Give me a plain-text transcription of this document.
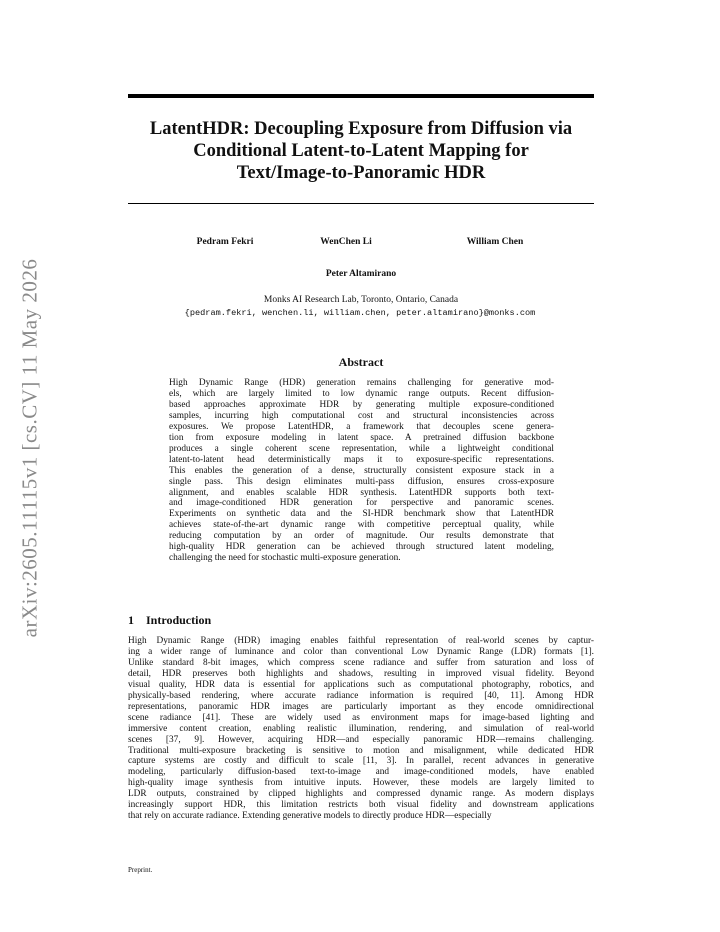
arXiv:2605.11115v1 [cs.CV] 11 May 2026
LatentHDR: Decoupling Exposure from Diffusion via
Conditional Latent-to-Latent Mapping for
Text/Image-to-Panoramic HDR
Pedram Fekri	WenChen Li	William Chen
Peter Altamirano
Monks AI Research Lab, Toronto, Ontario, Canada
{pedram.fekri, wenchen.li, william.chen, peter.altamirano}@monks.com
Abstract
High Dynamic Range (HDR) generation remains challenging for generative mod-
els, which are largely limited to low dynamic range outputs. Recent diffusion-
based approaches approximate HDR by generating multiple exposure-conditioned
samples, incurring high computational cost and structural inconsistencies across
exposures. We propose LatentHDR, a framework that decouples scene genera-
tion from exposure modeling in latent space. A pretrained diffusion backbone
produces a single coherent scene representation, while a lightweight conditional
latent-to-latent head deterministically maps it to exposure-specific representations.
This enables the generation of a dense, structurally consistent exposure stack in a
single pass. This design eliminates multi-pass diffusion, ensures cross-exposure
alignment, and enables scalable HDR synthesis. LatentHDR supports both text-
and image-conditioned HDR generation for perspective and panoramic scenes.
Experiments on synthetic data and the SI-HDR benchmark show that LatentHDR
achieves state-of-the-art dynamic range with competitive perceptual quality, while
reducing computation by an order of magnitude. Our results demonstrate that
high-quality HDR generation can be achieved through structured latent modeling,
challenging the need for stochastic multi-exposure generation.
1 Introduction
High Dynamic Range (HDR) imaging enables faithful representation of real-world scenes by captur-
ing a wider range of luminance and color than conventional Low Dynamic Range (LDR) formats [1].
Unlike standard 8-bit images, which compress scene radiance and suffer from saturation and loss of
detail, HDR preserves both highlights and shadows, resulting in improved visual fidelity. Beyond
visual quality, HDR data is essential for applications such as computational photography, robotics, and
physically-based rendering, where accurate radiance information is required [40, 11]. Among HDR
representations, panoramic HDR images are particularly important as they encode omnidirectional
scene radiance [41]. These are widely used as environment maps for image-based lighting and
immersive content creation, enabling realistic illumination, rendering, and simulation of real-world
scenes [37, 9]. However, acquiring HDR—and especially panoramic HDR—remains challenging.
Traditional multi-exposure bracketing is sensitive to motion and misalignment, while dedicated HDR
capture systems are costly and difficult to scale [11, 3]. In parallel, recent advances in generative
modeling, particularly diffusion-based text-to-image and image-conditioned models, have enabled
high-quality image synthesis from intuitive inputs. However, these models are largely limited to
LDR outputs, constrained by clipped highlights and compressed dynamic range. As modern displays
increasingly support HDR, this limitation restricts both visual fidelity and downstream applications
that rely on accurate radiance. Extending generative models to directly produce HDR—especially
Preprint.
